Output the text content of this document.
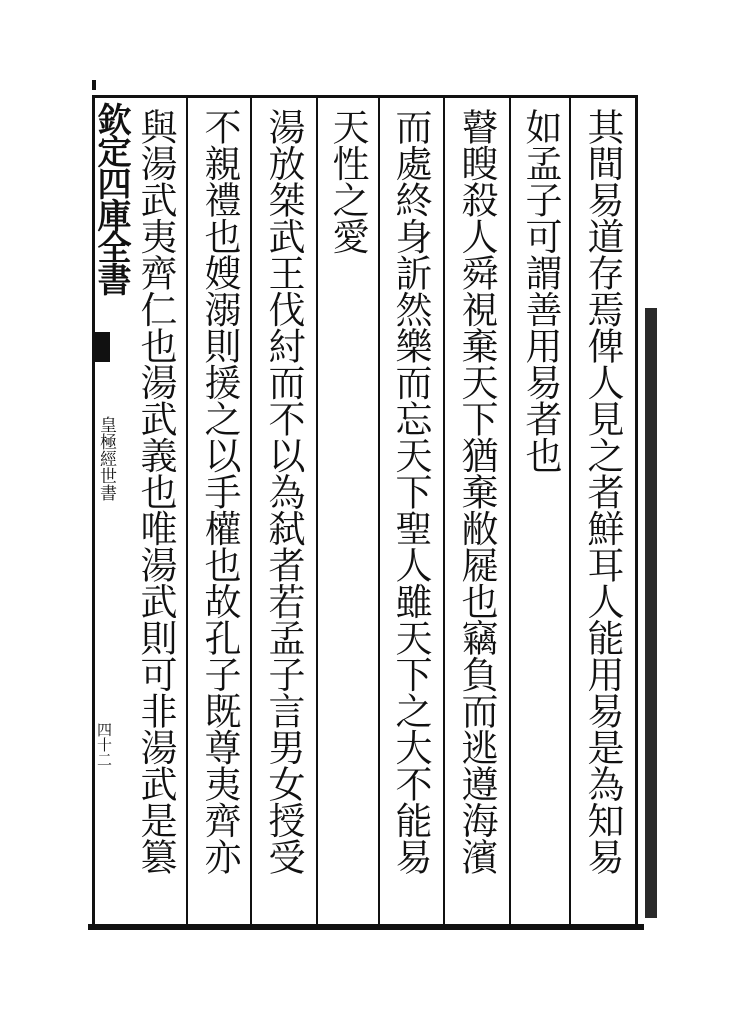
其間易道存焉俾人見之者鮮耳人能用易是為知易
如孟子可謂善用易者也
瞽瞍殺人舜視棄天下猶棄敝屣也竊負而逃遵海濱
而處終身訢然樂而忘天下聖人雖天下之大不能易
天性之愛
湯放桀武王伐紂而不以為弑者若孟子言男女授受
不親禮也嫂溺則援之以手權也故孔子既尊夷齊亦
與湯武夷齊仁也湯武義也唯湯武則可非湯武是篡
欽定四庫全書
皇極經世書
四十二
